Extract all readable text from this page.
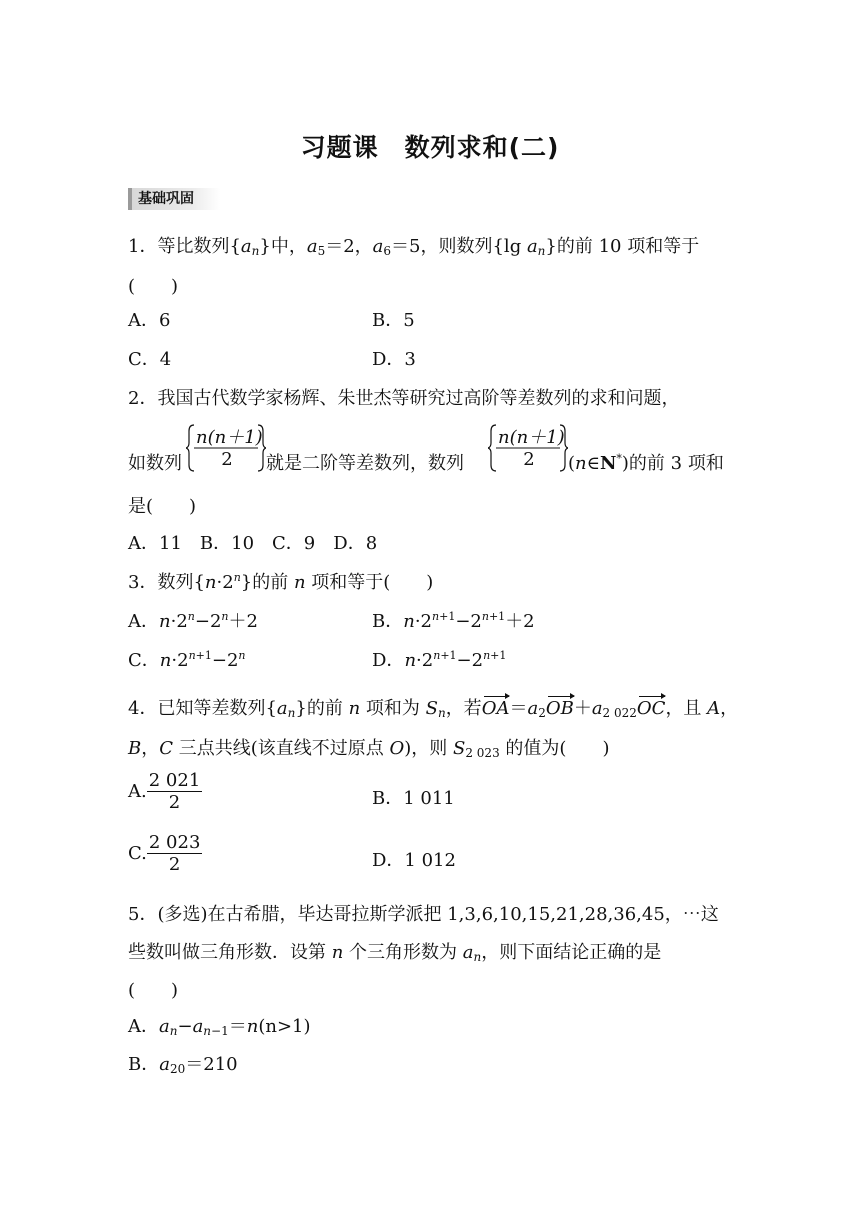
习题课　数列求和(二)
基础巩固
1．等比数列$\{a_n\}$中，$a_5=2$，$a_6=5$，则数列{lg $a_n$}的前 10 项和等于
(　　)
A．6	B．5
C．4	D．3
2．我国古代数学家杨辉、朱世杰等研究过高阶等差数列的求和问题，
如数列
n(n＋1)
2	就是二阶等差数列，数列
n(n＋1)
2	(n∈N*)的前 3 项和
是(　　)
A．11　B．10　C．9　D．8
3．数列$\{n\cdot 2^n\}$的前 n 项和等于(　　)
A．$n\cdot 2^n-2^n+2$	B．$n\cdot 2^{n+1}-2^{n+1}+2$
C．$n\cdot 2^{n+1}-2^n$	D．$n\cdot 2^{n+1}-2^{n+1}$
4．已知等差数列$\{a_n\}$的前 n 项和为 $S_n$，若$OA=a_2OB+a_{2 022}OC$，且 A，
B，C 三点共线(该直线不过原点 O)，则 $S_{2 023}$ 的值为(　　)
A. $\frac{2 021}{2}$	B．1 011
C. $\frac{2 023}{2}$	D．1 012
5．(多选)在古希腊，毕达哥拉斯学派把 1,3,6,10,15,21,28,36,45，⋯这
些数叫做三角形数．设第 n 个三角形数为 $a_n$，则下面结论正确的是
(　　)
A．$a_n-a_{n-1}=n(n>1)$
B．$a_{20}=210$
